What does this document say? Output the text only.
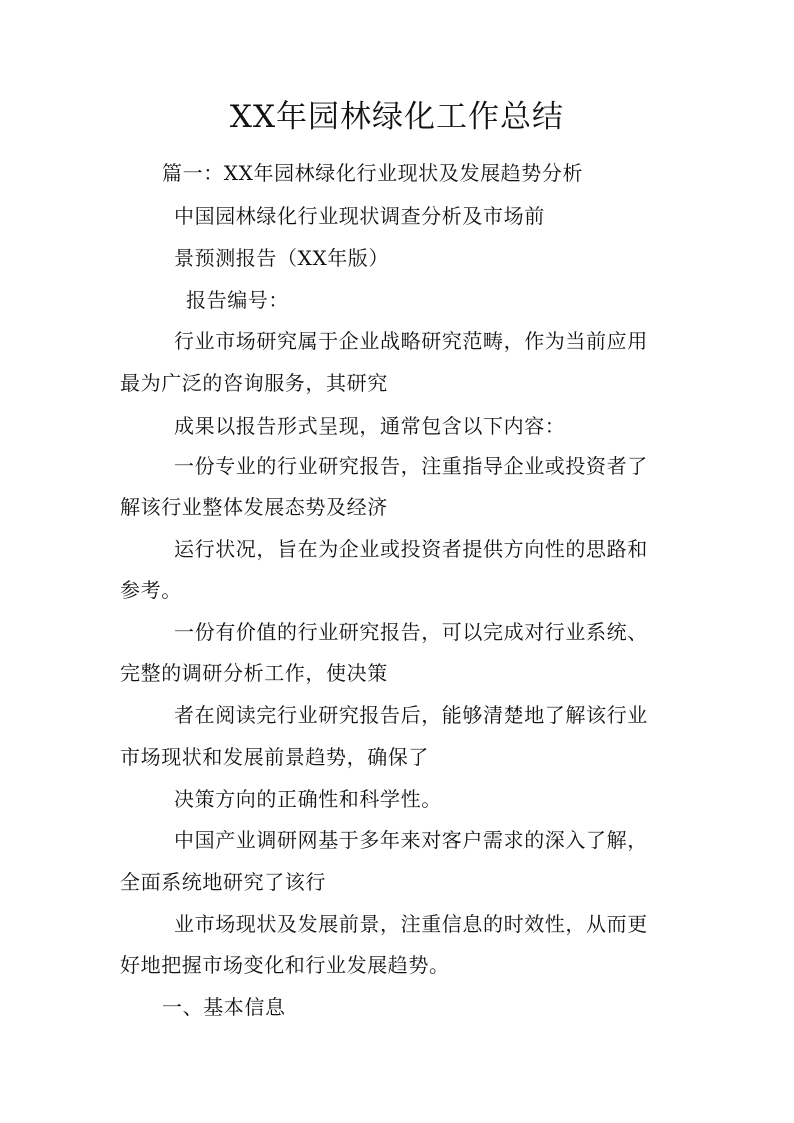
XX年园林绿化工作总结
篇一：XX年园林绿化行业现状及发展趋势分析
中国园林绿化行业现状调查分析及市场前
景预测报告（XX年版）
报告编号：
行业市场研究属于企业战略研究范畴，作为当前应用
最为广泛的咨询服务，其研究
成果以报告形式呈现，通常包含以下内容：
一份专业的行业研究报告，注重指导企业或投资者了
解该行业整体发展态势及经济
运行状况，旨在为企业或投资者提供方向性的思路和
参考。
一份有价值的行业研究报告，可以完成对行业系统、
完整的调研分析工作，使决策
者在阅读完行业研究报告后，能够清楚地了解该行业
市场现状和发展前景趋势，确保了
决策方向的正确性和科学性。
中国产业调研网基于多年来对客户需求的深入了解，
全面系统地研究了该行
业市场现状及发展前景，注重信息的时效性，从而更
好地把握市场变化和行业发展趋势。
一、基本信息
